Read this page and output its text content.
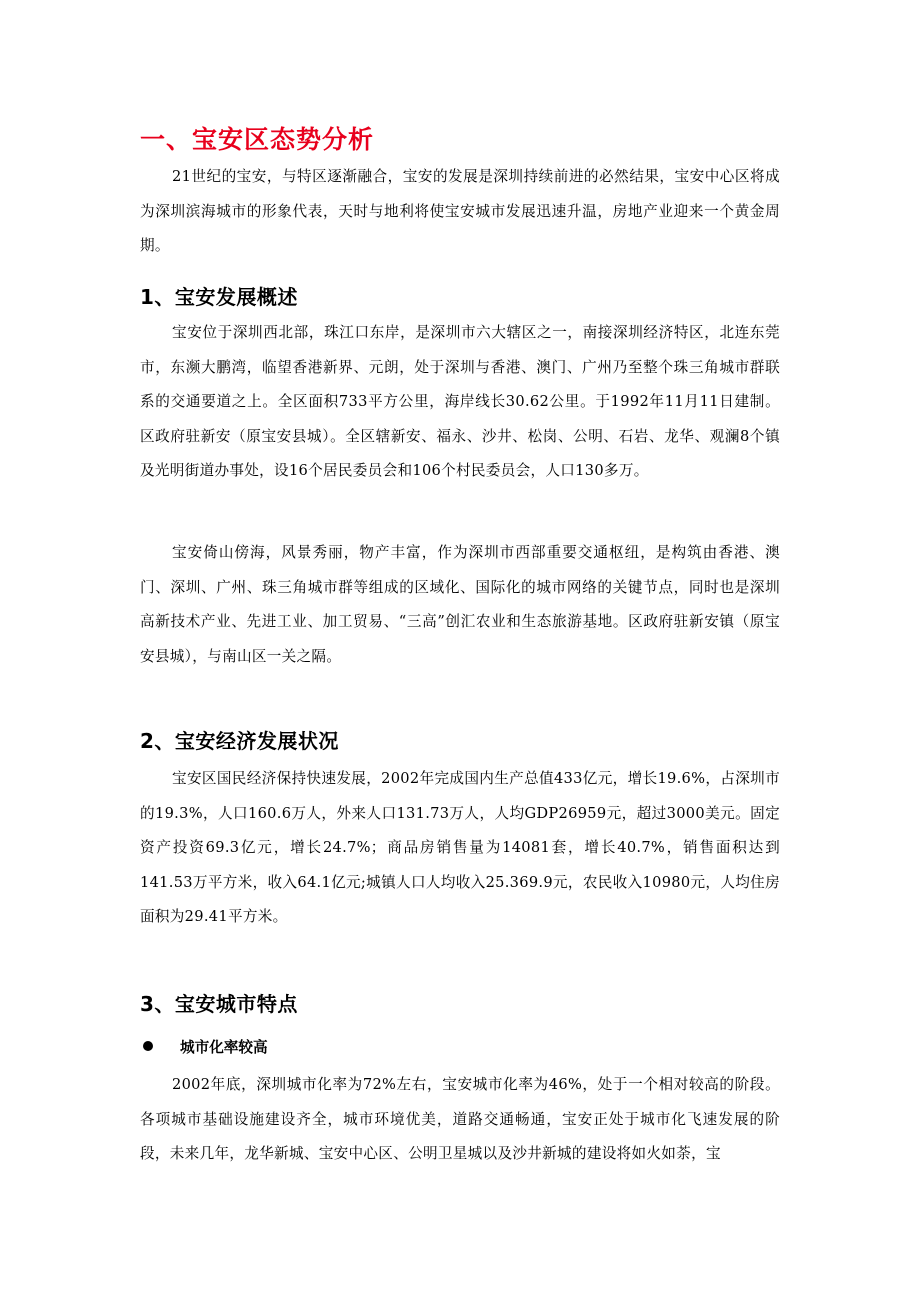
一、宝安区态势分析
21世纪的宝安，与特区逐渐融合，宝安的发展是深圳持续前进的必然结果，宝安中心区将成为深圳滨海城市的形象代表，天时与地利将使宝安城市发展迅速升温，房地产业迎来一个黄金周期。
1、宝安发展概述
宝安位于深圳西北部，珠江口东岸，是深圳市六大辖区之一，南接深圳经济特区，北连东莞市，东濒大鹏湾，临望香港新界、元朗，处于深圳与香港、澳门、广州乃至整个珠三角城市群联系的交通要道之上。全区面积733平方公里，海岸线长30.62公里。于1992年11月11日建制。区政府驻新安（原宝安县城）。全区辖新安、福永、沙井、松岗、公明、石岩、龙华、观澜8个镇及光明街道办事处，设16个居民委员会和106个村民委员会，人口130多万。
宝安倚山傍海，风景秀丽，物产丰富，作为深圳市西部重要交通枢纽，是构筑由香港、澳门、深圳、广州、珠三角城市群等组成的区域化、国际化的城市网络的关键节点，同时也是深圳高新技术产业、先进工业、加工贸易、“三高”创汇农业和生态旅游基地。区政府驻新安镇（原宝安县城），与南山区一关之隔。
2、宝安经济发展状况
宝安区国民经济保持快速发展，2002年完成国内生产总值433亿元，增长19.6%，占深圳市的19.3%，人口160.6万人，外来人口131.73万人，人均GDP26959元，超过3000美元。固定资产投资69.3亿元，增长24.7%；商品房销售量为14081套，增长40.7%，销售面积达到141.53万平方米，收入64.1亿元;城镇人口人均收入25.369.9元，农民收入10980元，人均住房面积为29.41平方米。
3、宝安城市特点
城市化率较高
2002年底，深圳城市化率为72%左右，宝安城市化率为46%，处于一个相对较高的阶段。各项城市基础设施建设齐全，城市环境优美，道路交通畅通，宝安正处于城市化飞速发展的阶段，未来几年，龙华新城、宝安中心区、公明卫星城以及沙井新城的建设将如火如荼，宝
